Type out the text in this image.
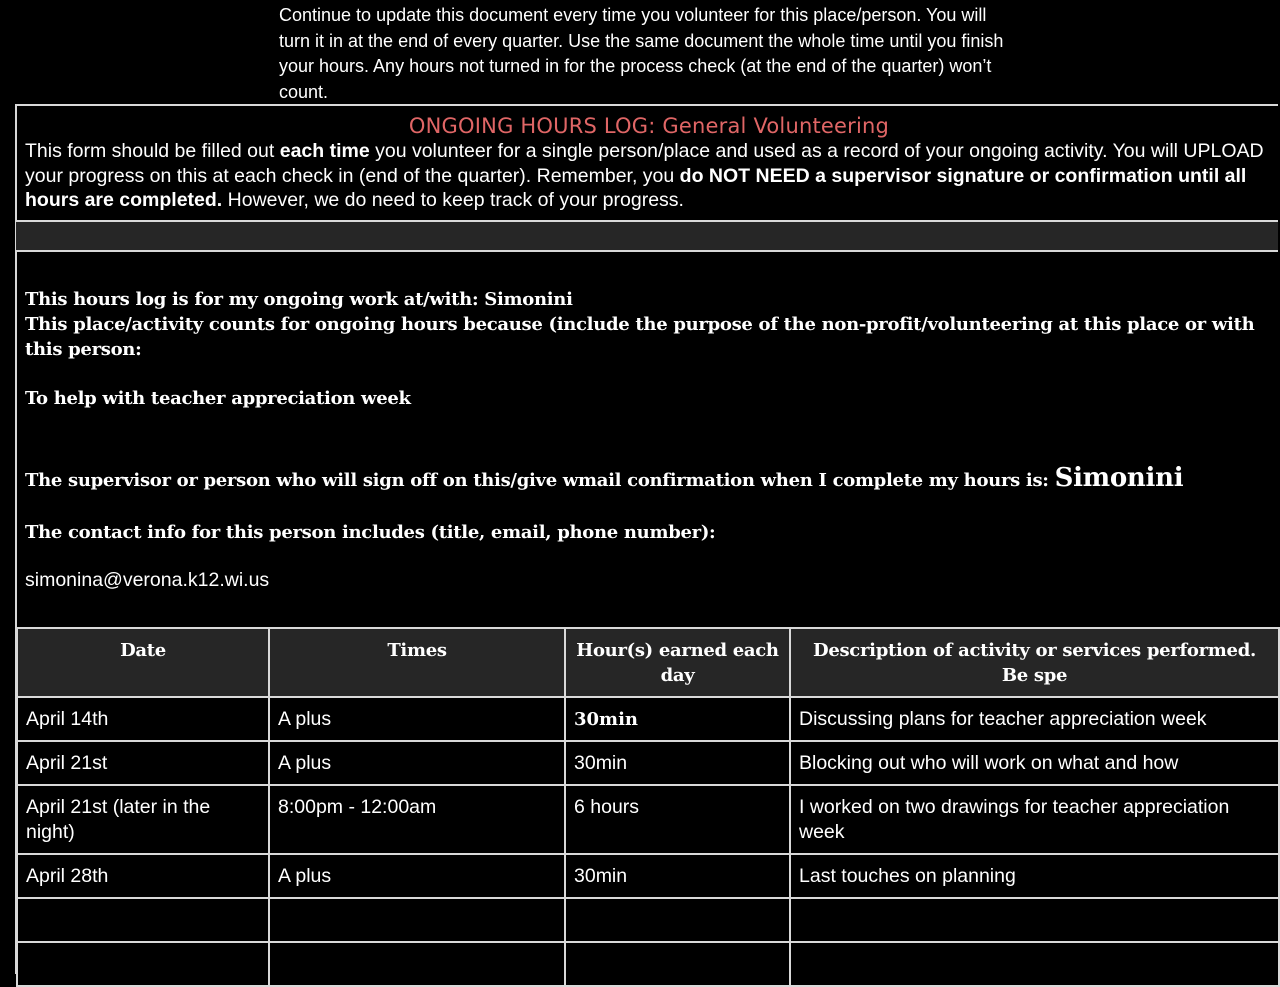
Continue to update this document every time you volunteer for this place/person. You will turn it in at the end of every quarter. Use the same document the whole time until you finish your hours. Any hours not turned in for the process check (at the end of the quarter) won’t count.
ONGOING HOURS LOG: General Volunteering
This form should be filled out each time you volunteer for a single person/place and used as a record of your ongoing activity. You will UPLOAD your progress on this at each check in (end of the quarter). Remember, you do NOT NEED a supervisor signature or confirmation until all hours are completed. However, we do need to keep track of your progress.
This hours log is for my ongoing work at/with: Simonini
This place/activity counts for ongoing hours because (include the purpose of the non-profit/volunteering at this place or with this person:
To help with teacher appreciation week
The supervisor or person who will sign off on this/give wmail confirmation when I complete my hours is: Simonini
The contact info for this person includes (title, email, phone number):
simonina@verona.k12.wi.us
Date	Times	Hour(s) earned each day	Description of activity or services performed. Be spe
April 14th	A plus	30min	Discussing plans for teacher appreciation week
April 21st	A plus	30min	Blocking out who will work on what and how
April 21st (later in the night)	8:00pm - 12:00am	6 hours	I worked on two drawings for teacher appreciation week
April 28th	A plus	30min	Last touches on planning
